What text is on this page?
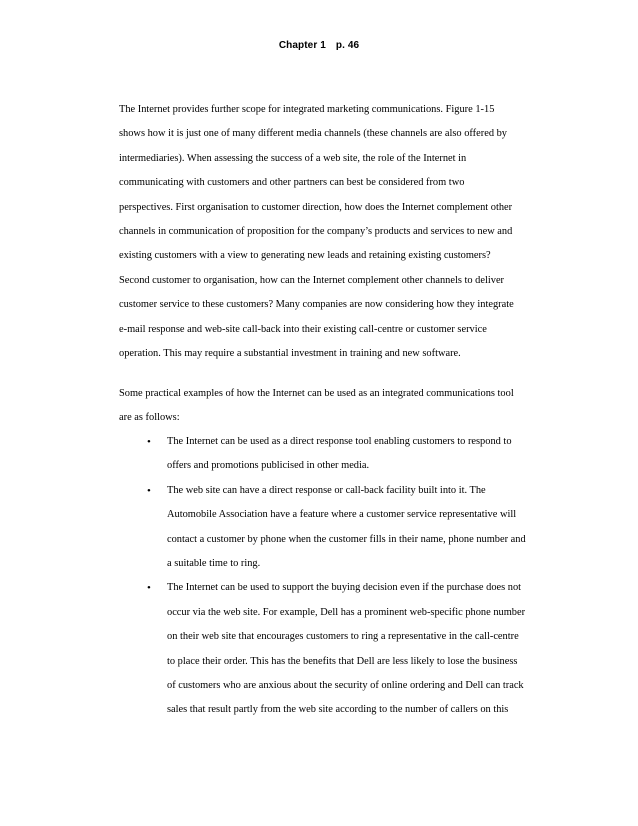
Chapter 1 p. 46
The Internet provides further scope for integrated marketing communications. Figure 1-15
shows how it is just one of many different media channels (these channels are also offered by
intermediaries). When assessing the success of a web site, the role of the Internet in
communicating with customers and other partners can best be considered from two
perspectives. First organisation to customer direction, how does the Internet complement other
channels in communication of proposition for the company’s products and services to new and
existing customers with a view to generating new leads and retaining existing customers?
Second customer to organisation, how can the Internet complement other channels to deliver
customer service to these customers? Many companies are now considering how they integrate
e-mail response and web-site call-back into their existing call-centre or customer service
operation. This may require a substantial investment in training and new software.
Some practical examples of how the Internet can be used as an integrated communications tool
are as follows:
• The Internet can be used as a direct response tool enabling customers to respond to
offers and promotions publicised in other media.
• The web site can have a direct response or call-back facility built into it. The
Automobile Association have a feature where a customer service representative will
contact a customer by phone when the customer fills in their name, phone number and
a suitable time to ring.
• The Internet can be used to support the buying decision even if the purchase does not
occur via the web site. For example, Dell has a prominent web-specific phone number
on their web site that encourages customers to ring a representative in the call-centre
to place their order. This has the benefits that Dell are less likely to lose the business
of customers who are anxious about the security of online ordering and Dell can track
sales that result partly from the web site according to the number of callers on this
